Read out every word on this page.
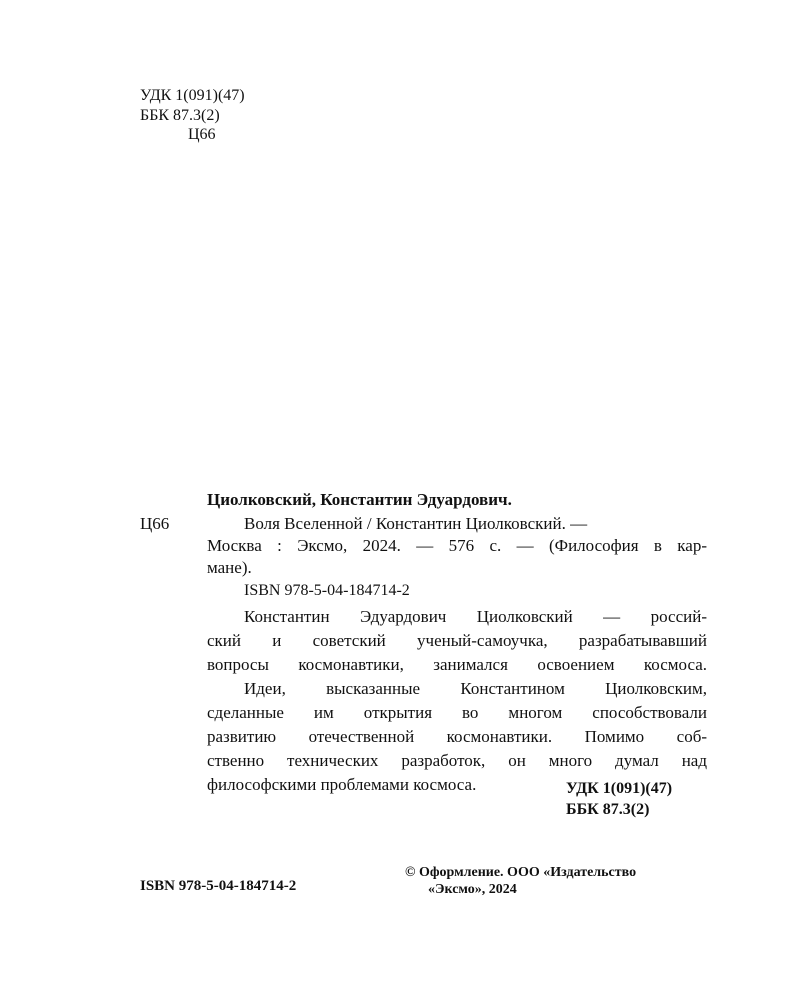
УДК 1(091)(47)
ББК 87.3(2)
Ц66
Циолковский, Константин Эдуардович.
Ц66	Воля Вселенной / Константин Циолковский. —
Москва : Эксмо, 2024. — 576 с. — (Философия в кар-
мане).
ISBN 978-5-04-184714-2
Константин Эдуардович Циолковский — россий-
ский и советский ученый-самоучка, разрабатывавший
вопросы космонавтики, занимался освоением космоса.
Идеи, высказанные Константином Циолковским,
сделанные им открытия во многом способствовали
развитию отечественной космонавтики. Помимо соб-
ственно технических разработок, он много думал над
философскими проблемами космоса.	УДК 1(091)(47)
ББК 87.3(2)
ISBN 978-5-04-184714-2
© Оформление. ООО «Издательство
«Эксмо», 2024
